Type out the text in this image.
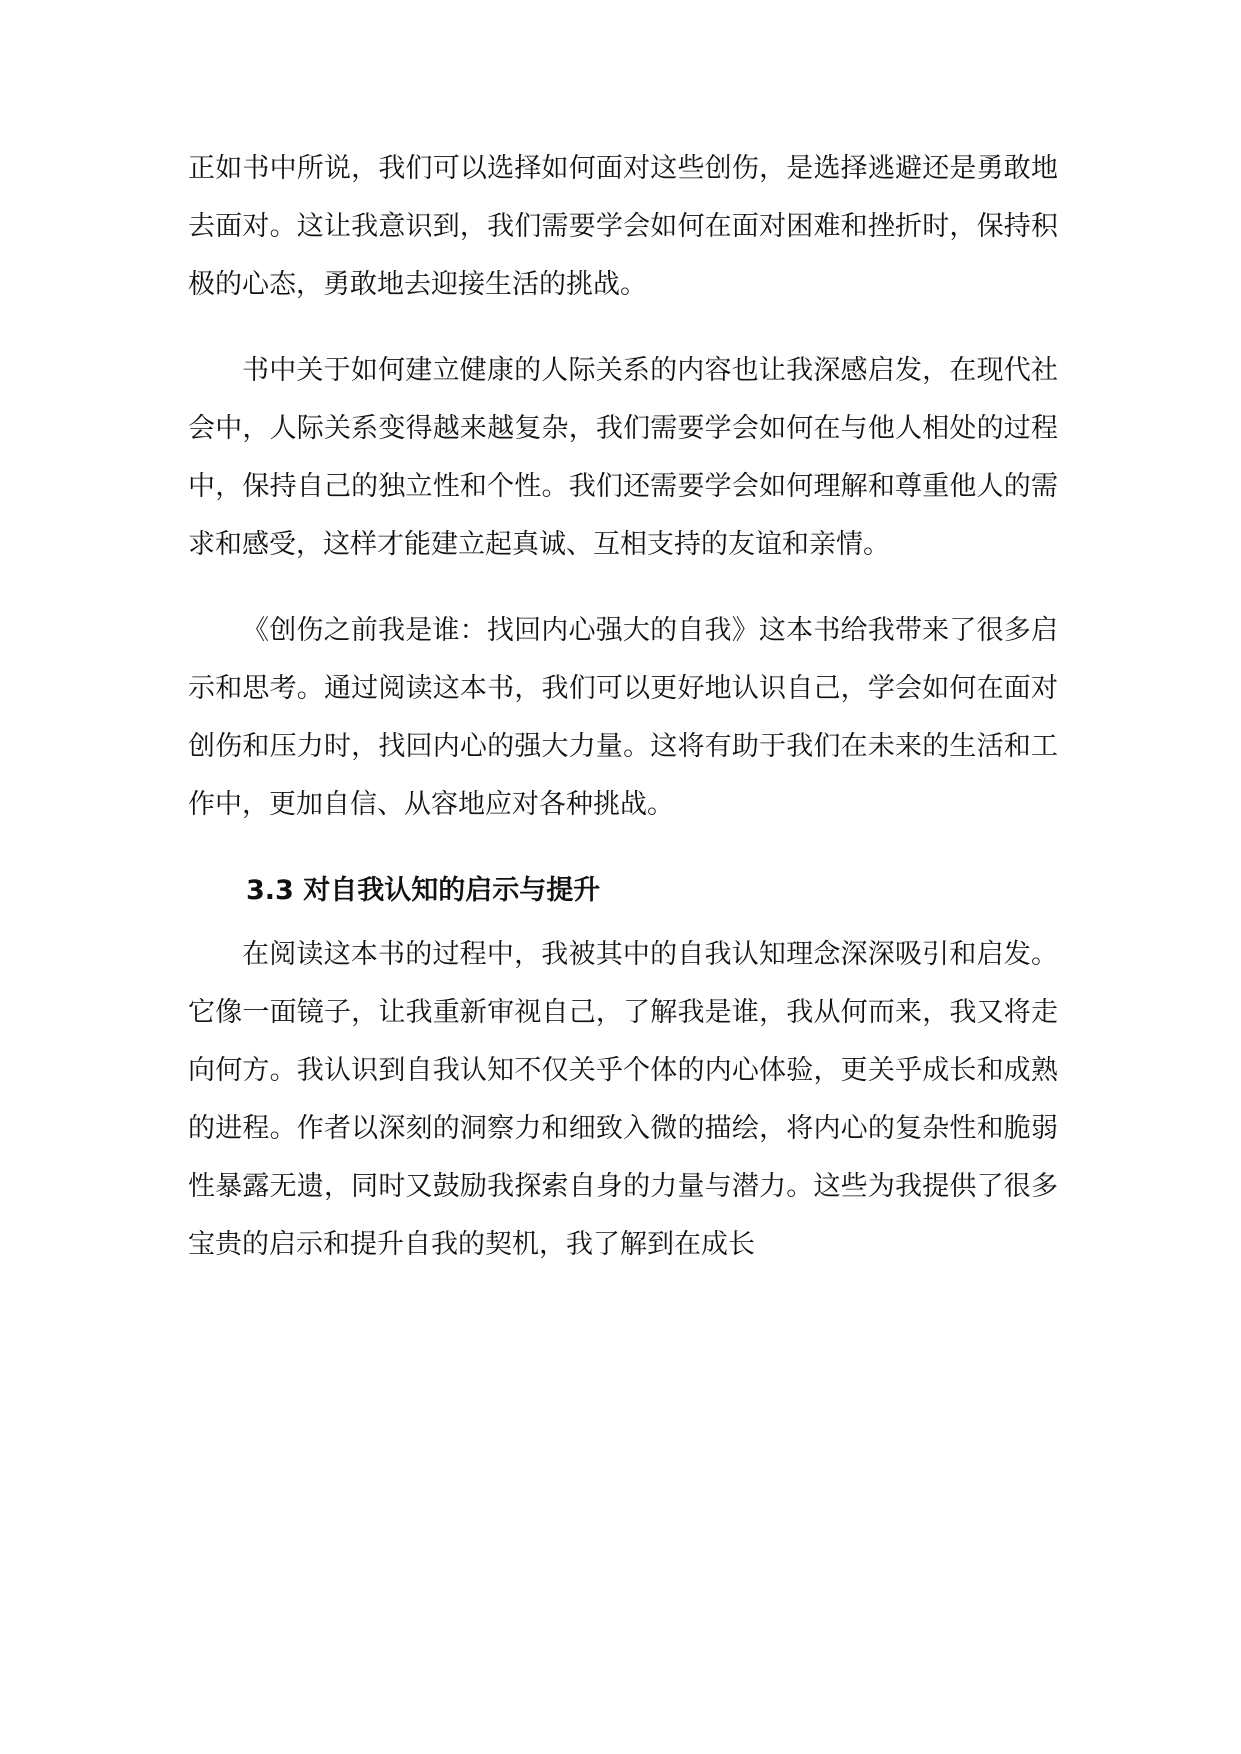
正如书中所说，我们可以选择如何面对这些创伤，是选择逃避还是勇敢地去面对。这让我意识到，我们需要学会如何在面对困难和挫折时，保持积极的心态，勇敢地去迎接生活的挑战。

书中关于如何建立健康的人际关系的内容也让我深感启发，在现代社会中，人际关系变得越来越复杂，我们需要学会如何在与他人相处的过程中，保持自己的独立性和个性。我们还需要学会如何理解和尊重他人的需求和感受，这样才能建立起真诚、互相支持的友谊和亲情。

《创伤之前我是谁：找回内心强大的自我》这本书给我带来了很多启示和思考。通过阅读这本书，我们可以更好地认识自己，学会如何在面对创伤和压力时，找回内心的强大力量。这将有助于我们在未来的生活和工作中，更加自信、从容地应对各种挑战。

3.3 对自我认知的启示与提升

在阅读这本书的过程中，我被其中的自我认知理念深深吸引和启发。它像一面镜子，让我重新审视自己，了解我是谁，我从何而来，我又将走向何方。我认识到自我认知不仅关乎个体的内心体验，更关乎成长和成熟的进程。作者以深刻的洞察力和细致入微的描绘，将内心的复杂性和脆弱性暴露无遗，同时又鼓励我探索自身的力量与潜力。这些为我提供了很多宝贵的启示和提升自我的契机，我了解到在成长
